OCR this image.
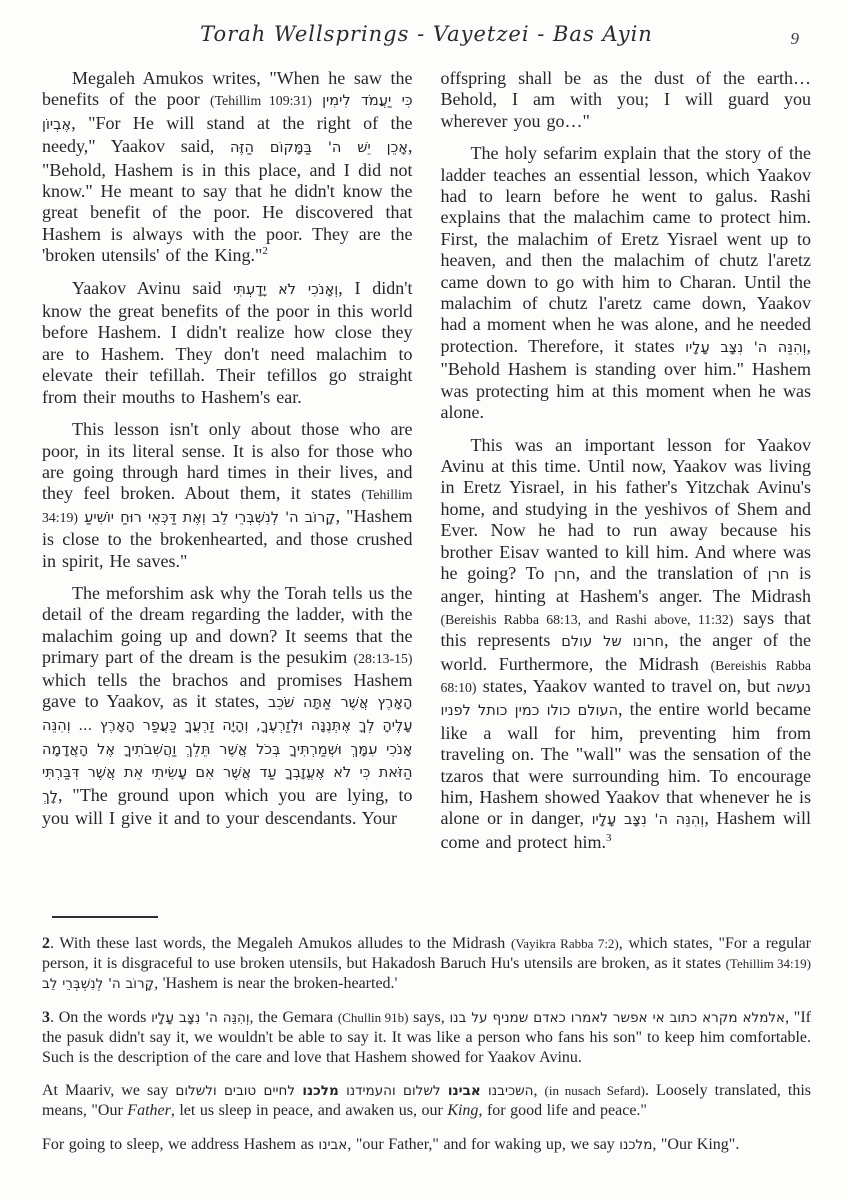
Torah Wellsprings - Vayetzei - Bas Ayin	9

Megaleh Amukos writes, "When he saw the benefits of the poor (Tehillim 109:31) כִּי יַעֲמֹד לִימִין אֶבְיוֹן, "For He will stand at the right of the needy," Yaakov said, אָכֵן יֵשׁ ה' בַּמָּקוֹם הַזֶּה, "Behold, Hashem is in this place, and I did not know." He meant to say that he didn't know the great benefit of the poor. He discovered that Hashem is always with the poor. They are the 'broken utensils' of the King."$^2$

Yaakov Avinu said וְאָנֹכִי לֹא יָדָעְתִּי, I didn't know the great benefits of the poor in this world before Hashem. I didn't realize how close they are to Hashem. They don't need malachim to elevate their tefillah. Their tefillos go straight from their mouths to Hashem's ear.

This lesson isn't only about those who are poor, in its literal sense. It is also for those who are going through hard times in their lives, and they feel broken. About them, it states (Tehillim 34:19) קָרוֹב ה' לְנִשְׁבְּרֵי לֵב וְאֶת דַּכְּאֵי רוּחַ יוֹשִׁיעַ, "Hashem is close to the brokenhearted, and those crushed in spirit, He saves."

The meforshim ask why the Torah tells us the detail of the dream regarding the ladder, with the malachim going up and down? It seems that the primary part of the dream is the pesukim (28:13-15) which tells the brachos and promises Hashem gave to Yaakov, as it states, הָאָרֶץ אֲשֶׁר אַתָּה שֹׁכֵב עָלֶיהָ לְךָ אֶתְּנֶנָּה וּלְזַרְעֶךָ, וְהָיָה זַרְעֲךָ כַּעֲפַר הָאָרֶץ ... וְהִנֵּה אָנֹכִי עִמָּךְ וּשְׁמַרְתִּיךָ בְּכֹל אֲשֶׁר תֵּלֵךְ וַהֲשִׁבֹתִיךָ אֶל הָאֲדָמָה הַזֹּאת כִּי לֹא אֶעֱזָבְךָ עַד אֲשֶׁר אִם עָשִׂיתִי אֵת אֲשֶׁר דִּבַּרְתִּי לָךְ, "The ground upon which you are lying, to you will I give it and to your descendants. Your

offspring shall be as the dust of the earth… Behold, I am with you; I will guard you wherever you go…"

The holy sefarim explain that the story of the ladder teaches an essential lesson, which Yaakov had to learn before he went to galus. Rashi explains that the malachim came to protect him. First, the malachim of Eretz Yisrael went up to heaven, and then the malachim of chutz l'aretz came down to go with him to Charan. Until the malachim of chutz l'aretz came down, Yaakov had a moment when he was alone, and he needed protection. Therefore, it states וְהִנֵּה ה' נִצָּב עָלָיו, "Behold Hashem is standing over him." Hashem was protecting him at this moment when he was alone.

This was an important lesson for Yaakov Avinu at this time. Until now, Yaakov was living in Eretz Yisrael, in his father's Yitzchak Avinu's home, and studying in the yeshivos of Shem and Ever. Now he had to run away because his brother Eisav wanted to kill him. And where was he going? To חרן, and the translation of חרן is anger, hinting at Hashem's anger. The Midrash (Bereishis Rabba 68:13, and Rashi above, 11:32) says that this represents חרונו של עולם, the anger of the world. Furthermore, the Midrash (Bereishis Rabba 68:10) states, Yaakov wanted to travel on, but נעשה העולם כולו כמין כותל לפניו, the entire world became like a wall for him, preventing him from traveling on. The "wall" was the sensation of the tzaros that were surrounding him. To encourage him, Hashem showed Yaakov that whenever he is alone or in danger, וְהִנֵּה ה' נִצָּב עָלָיו, Hashem will come and protect him.$^3$

2. With these last words, the Megaleh Amukos alludes to the Midrash (Vayikra Rabba 7:2), which states, "For a regular person, it is disgraceful to use broken utensils, but Hakadosh Baruch Hu's utensils are broken, as it states (Tehillim 34:19) קָרוֹב ה' לְנִשְׁבְּרֵי לֵב, 'Hashem is near the broken-hearted.'

3. On the words וְהִנֵּה ה' נִצָּב עָלָיו, the Gemara (Chullin 91b) says, אלמלא מקרא כתוב אי אפשר לאמרו כאדם שמניף על בנו, "If the pasuk didn't say it, we wouldn't be able to say it. It was like a person who fans his son" to keep him comfortable. Such is the description of the care and love that Hashem showed for Yaakov Avinu.

At Maariv, we say	השכיבנו אבינו לשלום והעמידנו מלכנו לחיים טובים ולשלום	, (in nusach Sefard). Loosely translated, this means, "Our Father, let us sleep in peace, and awaken us, our King, for good life and peace."

For going to sleep, we address Hashem as אבינו, "our Father," and for waking up, we say מלכנו, "Our King".
